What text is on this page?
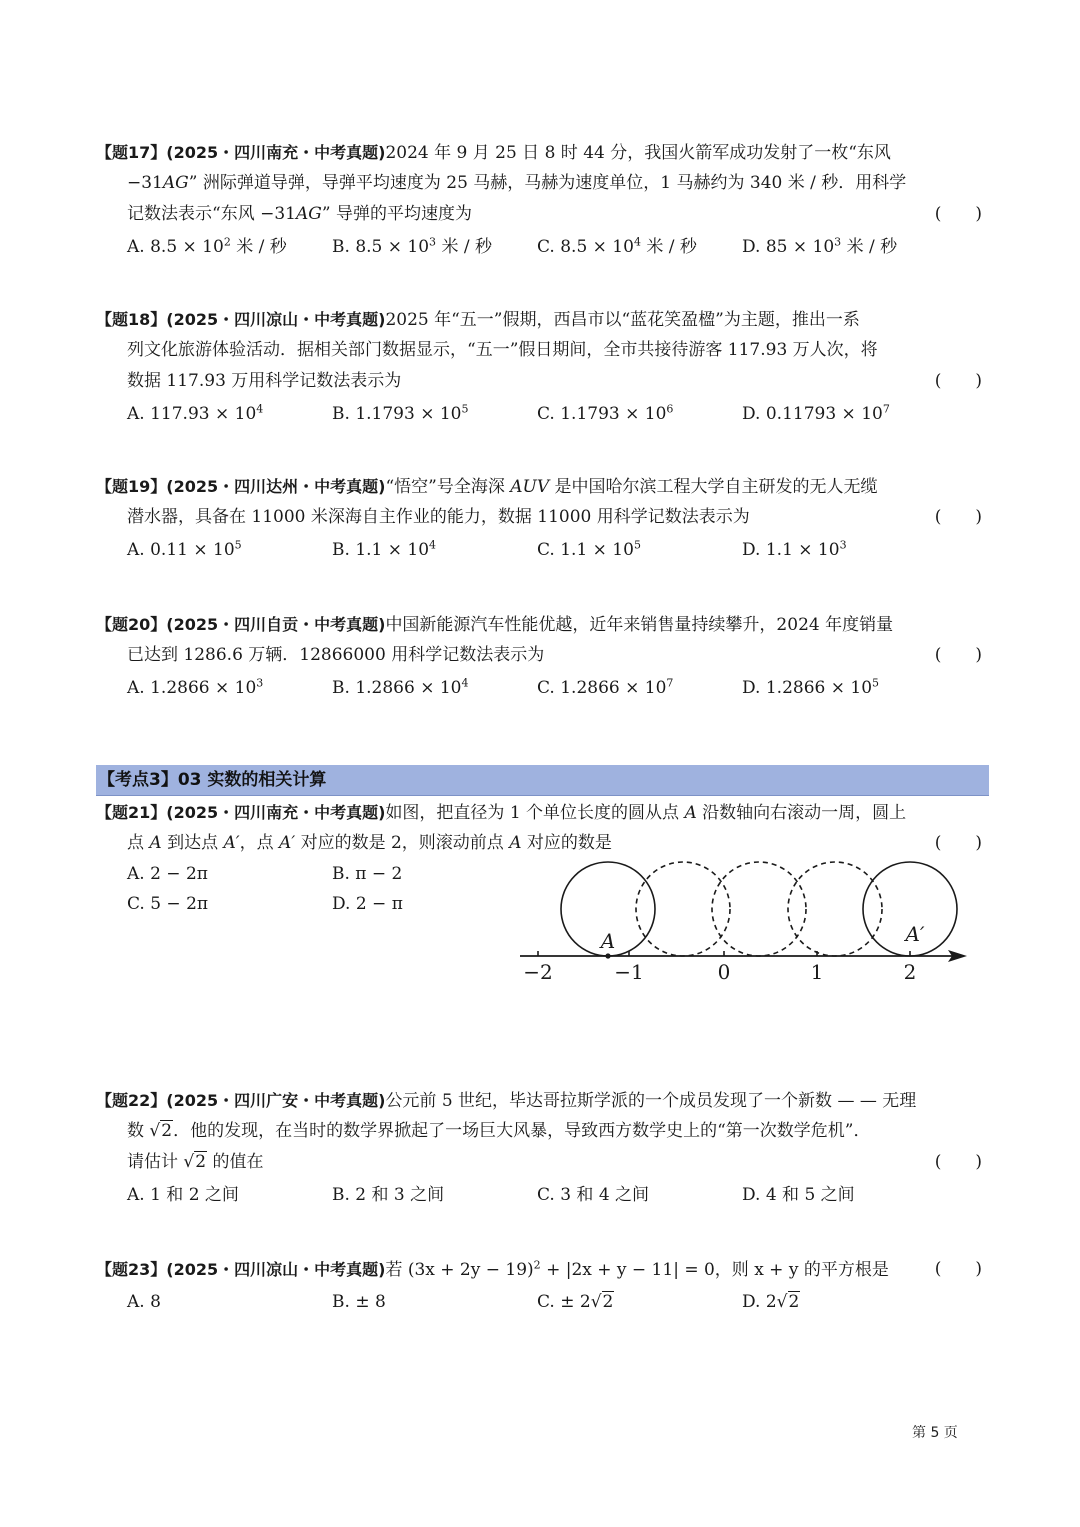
【题17】(2025・四川南充・中考真题)2024 年 9 月 25 日 8 时 44 分，我国火箭军成功发射了一枚“东风
−31AG” 洲际弹道导弹，导弹平均速度为 25 马赫，马赫为速度单位，1 马赫约为 340 米 / 秒．用科学
记数法表示“东风 −31AG” 导弹的平均速度为	(　　)
A. $8.5 \times 10^2$ 米 / 秒	B. $8.5 \times 10^3$ 米 / 秒	C. $8.5 \times 10^4$ 米 / 秒	D. $85 \times 10^3$ 米 / 秒
【题18】(2025・四川凉山・中考真题)2025 年“五一”假期，西昌市以“蓝花笑盈楹”为主题，推出一系
列文化旅游体验活动．据相关部门数据显示，“五一”假日期间，全市共接待游客 117.93 万人次，将
数据 117.93 万用科学记数法表示为	(　　)
A. $117.93 \times 10^4$	B. $1.1793 \times 10^5$	C. $1.1793 \times 10^6$	D. $0.11793 \times 10^7$
【题19】(2025・四川达州・中考真题)“悟空”号全海深 AUV 是中国哈尔滨工程大学自主研发的无人无缆
潜水器，具备在 11000 米深海自主作业的能力，数据 11000 用科学记数法表示为	(　　)
A. $0.11 \times 10^5$	B. $1.1 \times 10^4$	C. $1.1 \times 10^5$	D. $1.1 \times 10^3$
【题20】(2025・四川自贡・中考真题)中国新能源汽车性能优越，近年来销售量持续攀升，2024 年度销量
已达到 1286.6 万辆．12866000 用科学记数法表示为	(　　)
A. $1.2866 \times 10^3$	B. $1.2866 \times 10^4$	C. $1.2866 \times 10^7$	D. $1.2866 \times 10^5$
【考点3】03 实数的相关计算
【题21】(2025・四川南充・中考真题)如图，把直径为 1 个单位长度的圆从点 A 沿数轴向右滚动一周，圆上
点 A 到达点 A′，点 A′ 对应的数是 2，则滚动前点 A 对应的数是	(　　)
A. 2 − 2π	B. π − 2
C. 5 − 2π	D. 2 − π
−2	−1	0	1	2
A	A′
【题22】(2025・四川广安・中考真题)公元前 5 世纪，毕达哥拉斯学派的一个成员发现了一个新数 — — 无理
数 √2．他的发现，在当时的数学界掀起了一场巨大风暴，导致西方数学史上的“第一次数学危机”．
请估计 √2 的值在	(　　)
A. 1 和 2 之间	B. 2 和 3 之间	C. 3 和 4 之间	D. 4 和 5 之间
【题23】(2025・四川凉山・中考真题)若 $(3x + 2y - 19)^2 + |2x + y - 11| = 0$，则 x + y 的平方根是	(　　)
A. 8	B. ± 8	C. ± 2√2	D. 2√2
第 5 页
